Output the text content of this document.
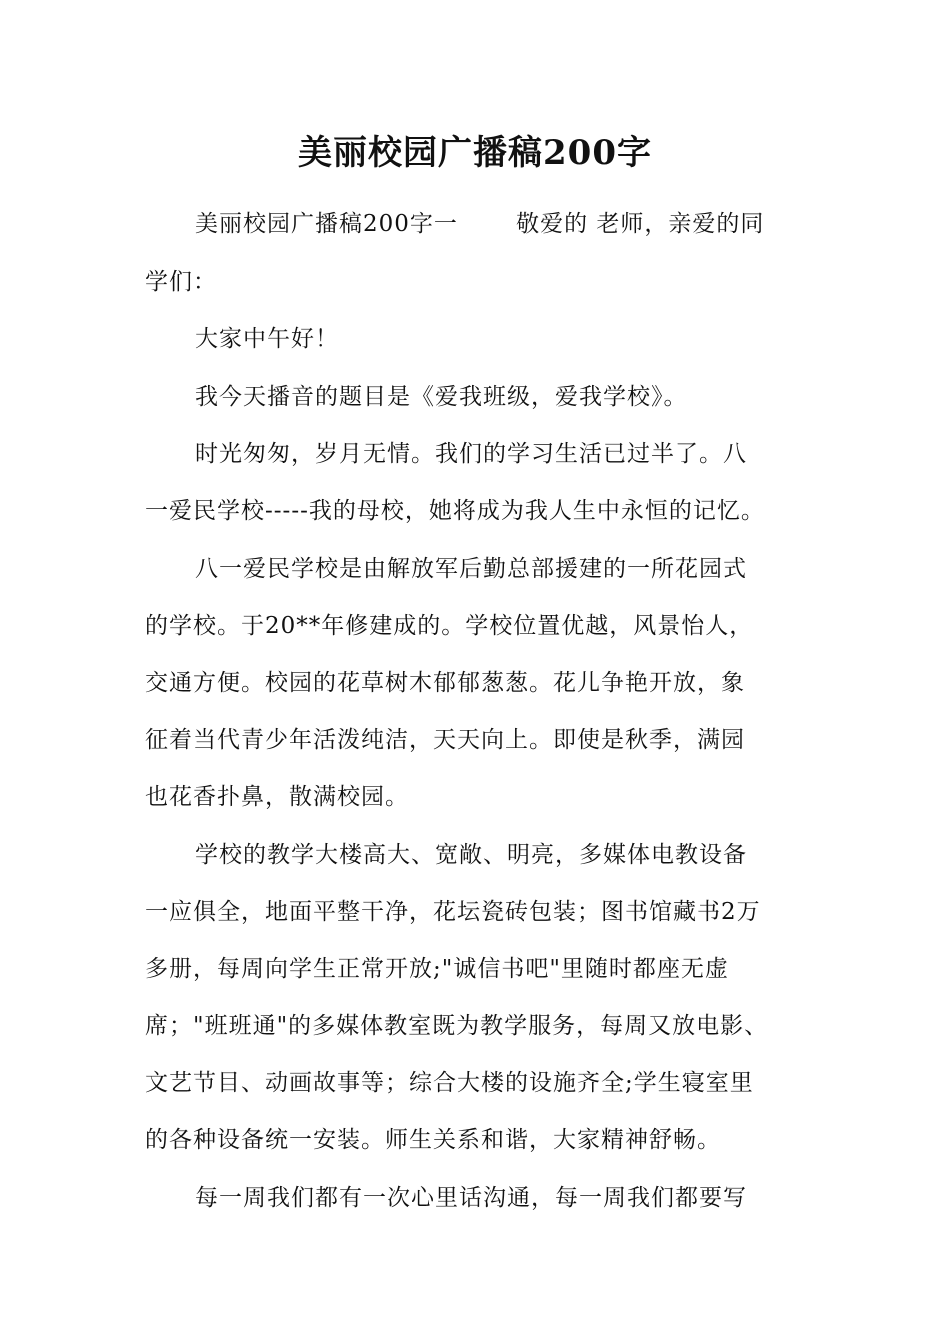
美丽校园广播稿200字
美丽校园广播稿200字一       敬爱的 老师，亲爱的同
学们：
大家中午好！
我今天播音的题目是《爱我班级，爱我学校》。
时光匆匆，岁月无情。我们的学习生活已过半了。八
一爱民学校-----我的母校，她将成为我人生中永恒的记忆。
八一爱民学校是由解放军后勤总部援建的一所花园式
的学校。于20**年修建成的。学校位置优越，风景怡人，
交通方便。校园的花草树木郁郁葱葱。花儿争艳开放，象
征着当代青少年活泼纯洁，天天向上。即使是秋季，满园
也花香扑鼻，散满校园。
学校的教学大楼高大、宽敞、明亮，多媒体电教设备
一应俱全，地面平整干净，花坛瓷砖包装；图书馆藏书2万
多册，每周向学生正常开放;"诚信书吧"里随时都座无虚
席；"班班通"的多媒体教室既为教学服务，每周又放电影、
文艺节目、动画故事等；综合大楼的设施齐全;学生寝室里
的各种设备统一安装。师生关系和谐，大家精神舒畅。
每一周我们都有一次心里话沟通，每一周我们都要写
